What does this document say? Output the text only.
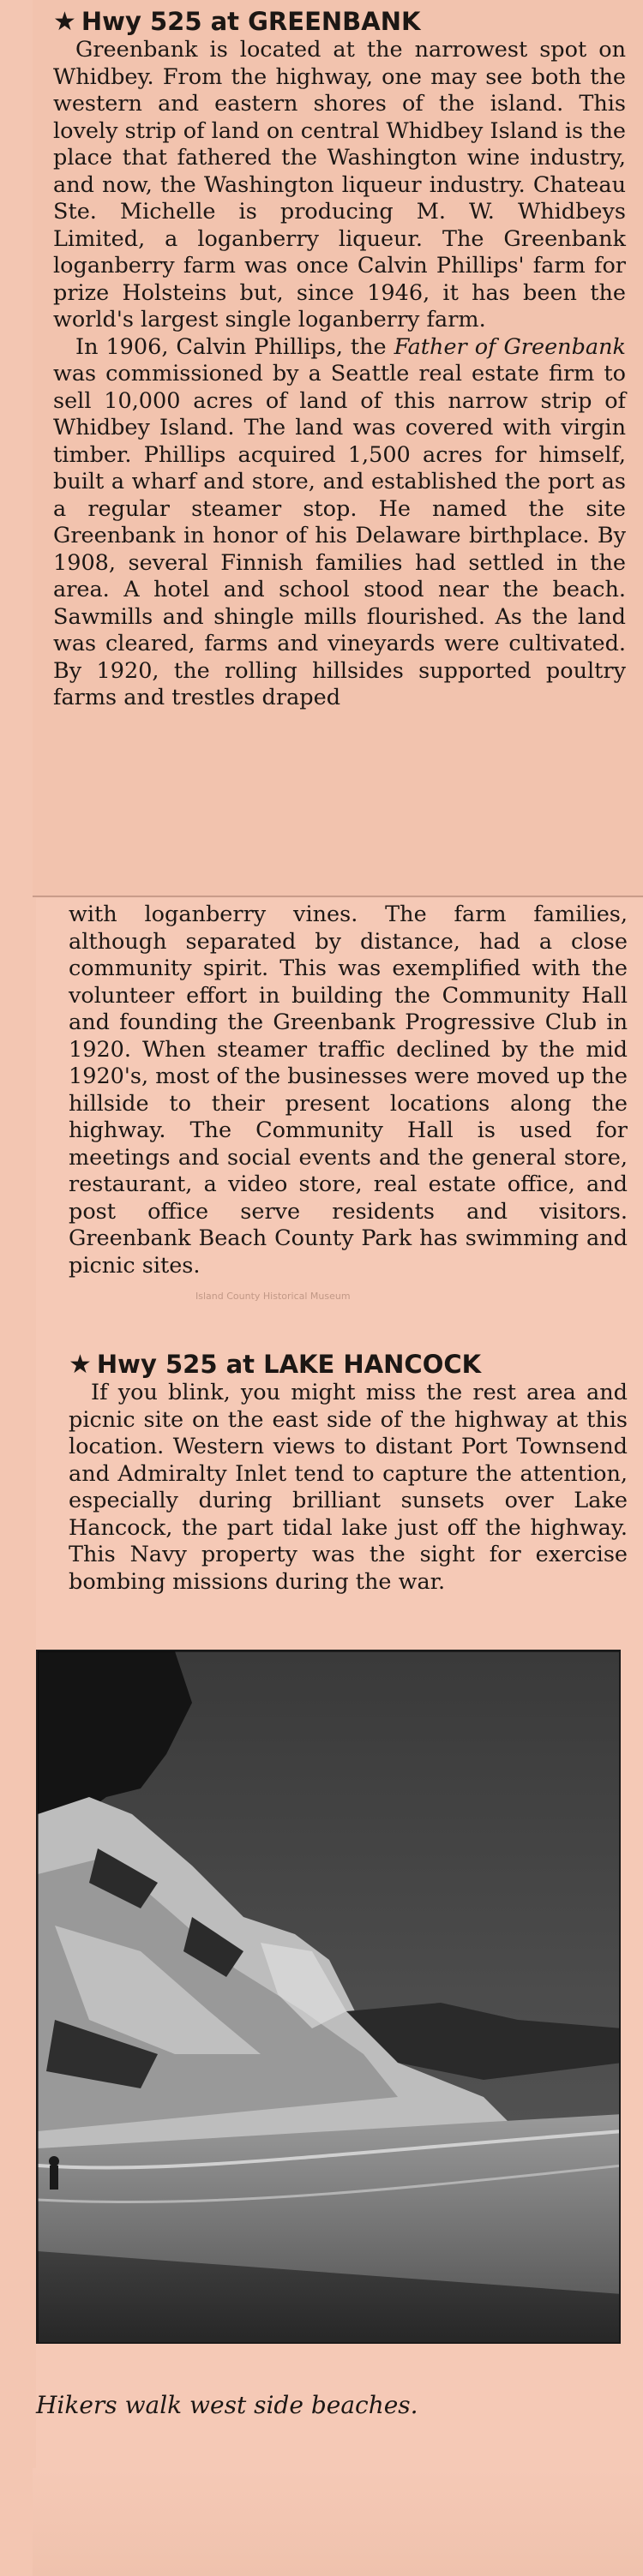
★ Hwy 525 at GREENBANK

Greenbank is located at the narrowest spot on Whidbey. From the highway, one may see both the western and eastern shores of the island. This lovely strip of land on central Whidbey Island is the place that fathered the Washington wine industry, and now, the Washington liqueur industry. Chateau Ste. Michelle is producing M. W. Whidbeys Limited, a loganberry liqueur. The Greenbank loganberry farm was once Calvin Phillips' farm for prize Holsteins but, since 1946, it has been the world's largest single loganberry farm.

In 1906, Calvin Phillips, the Father of Greenbank was commissioned by a Seattle real estate firm to sell 10,000 acres of land of this narrow strip of Whidbey Island. The land was covered with virgin timber. Phillips acquired 1,500 acres for himself, built a wharf and store, and established the port as a regular steamer stop. He named the site Greenbank in honor of his Delaware birthplace. By 1908, several Finnish families had settled in the area. A hotel and school stood near the beach. Sawmills and shingle mills flourished. As the land was cleared, farms and vineyards were cultivated. By 1920, the rolling hillsides supported poultry farms and trestles draped

with loganberry vines. The farm families, although separated by distance, had a close community spirit. This was exemplified with the volunteer effort in building the Community Hall and founding the Greenbank Progressive Club in 1920. When steamer traffic declined by the mid 1920's, most of the businesses were moved up the hillside to their present locations along the highway. The Community Hall is used for meetings and social events and the general store, restaurant, a video store, real estate office, and post office serve residents and visitors. Greenbank Beach County Park has swimming and picnic sites.

Island County Historical Museum

★ Hwy 525 at LAKE HANCOCK

If you blink, you might miss the rest area and picnic site on the east side of the highway at this location. Western views to distant Port Townsend and Admiralty Inlet tend to capture the attention, especially during brilliant sunsets over Lake Hancock, the part tidal lake just off the highway. This Navy property was the sight for exercise bombing missions during the war.

Hikers walk west side beaches.
